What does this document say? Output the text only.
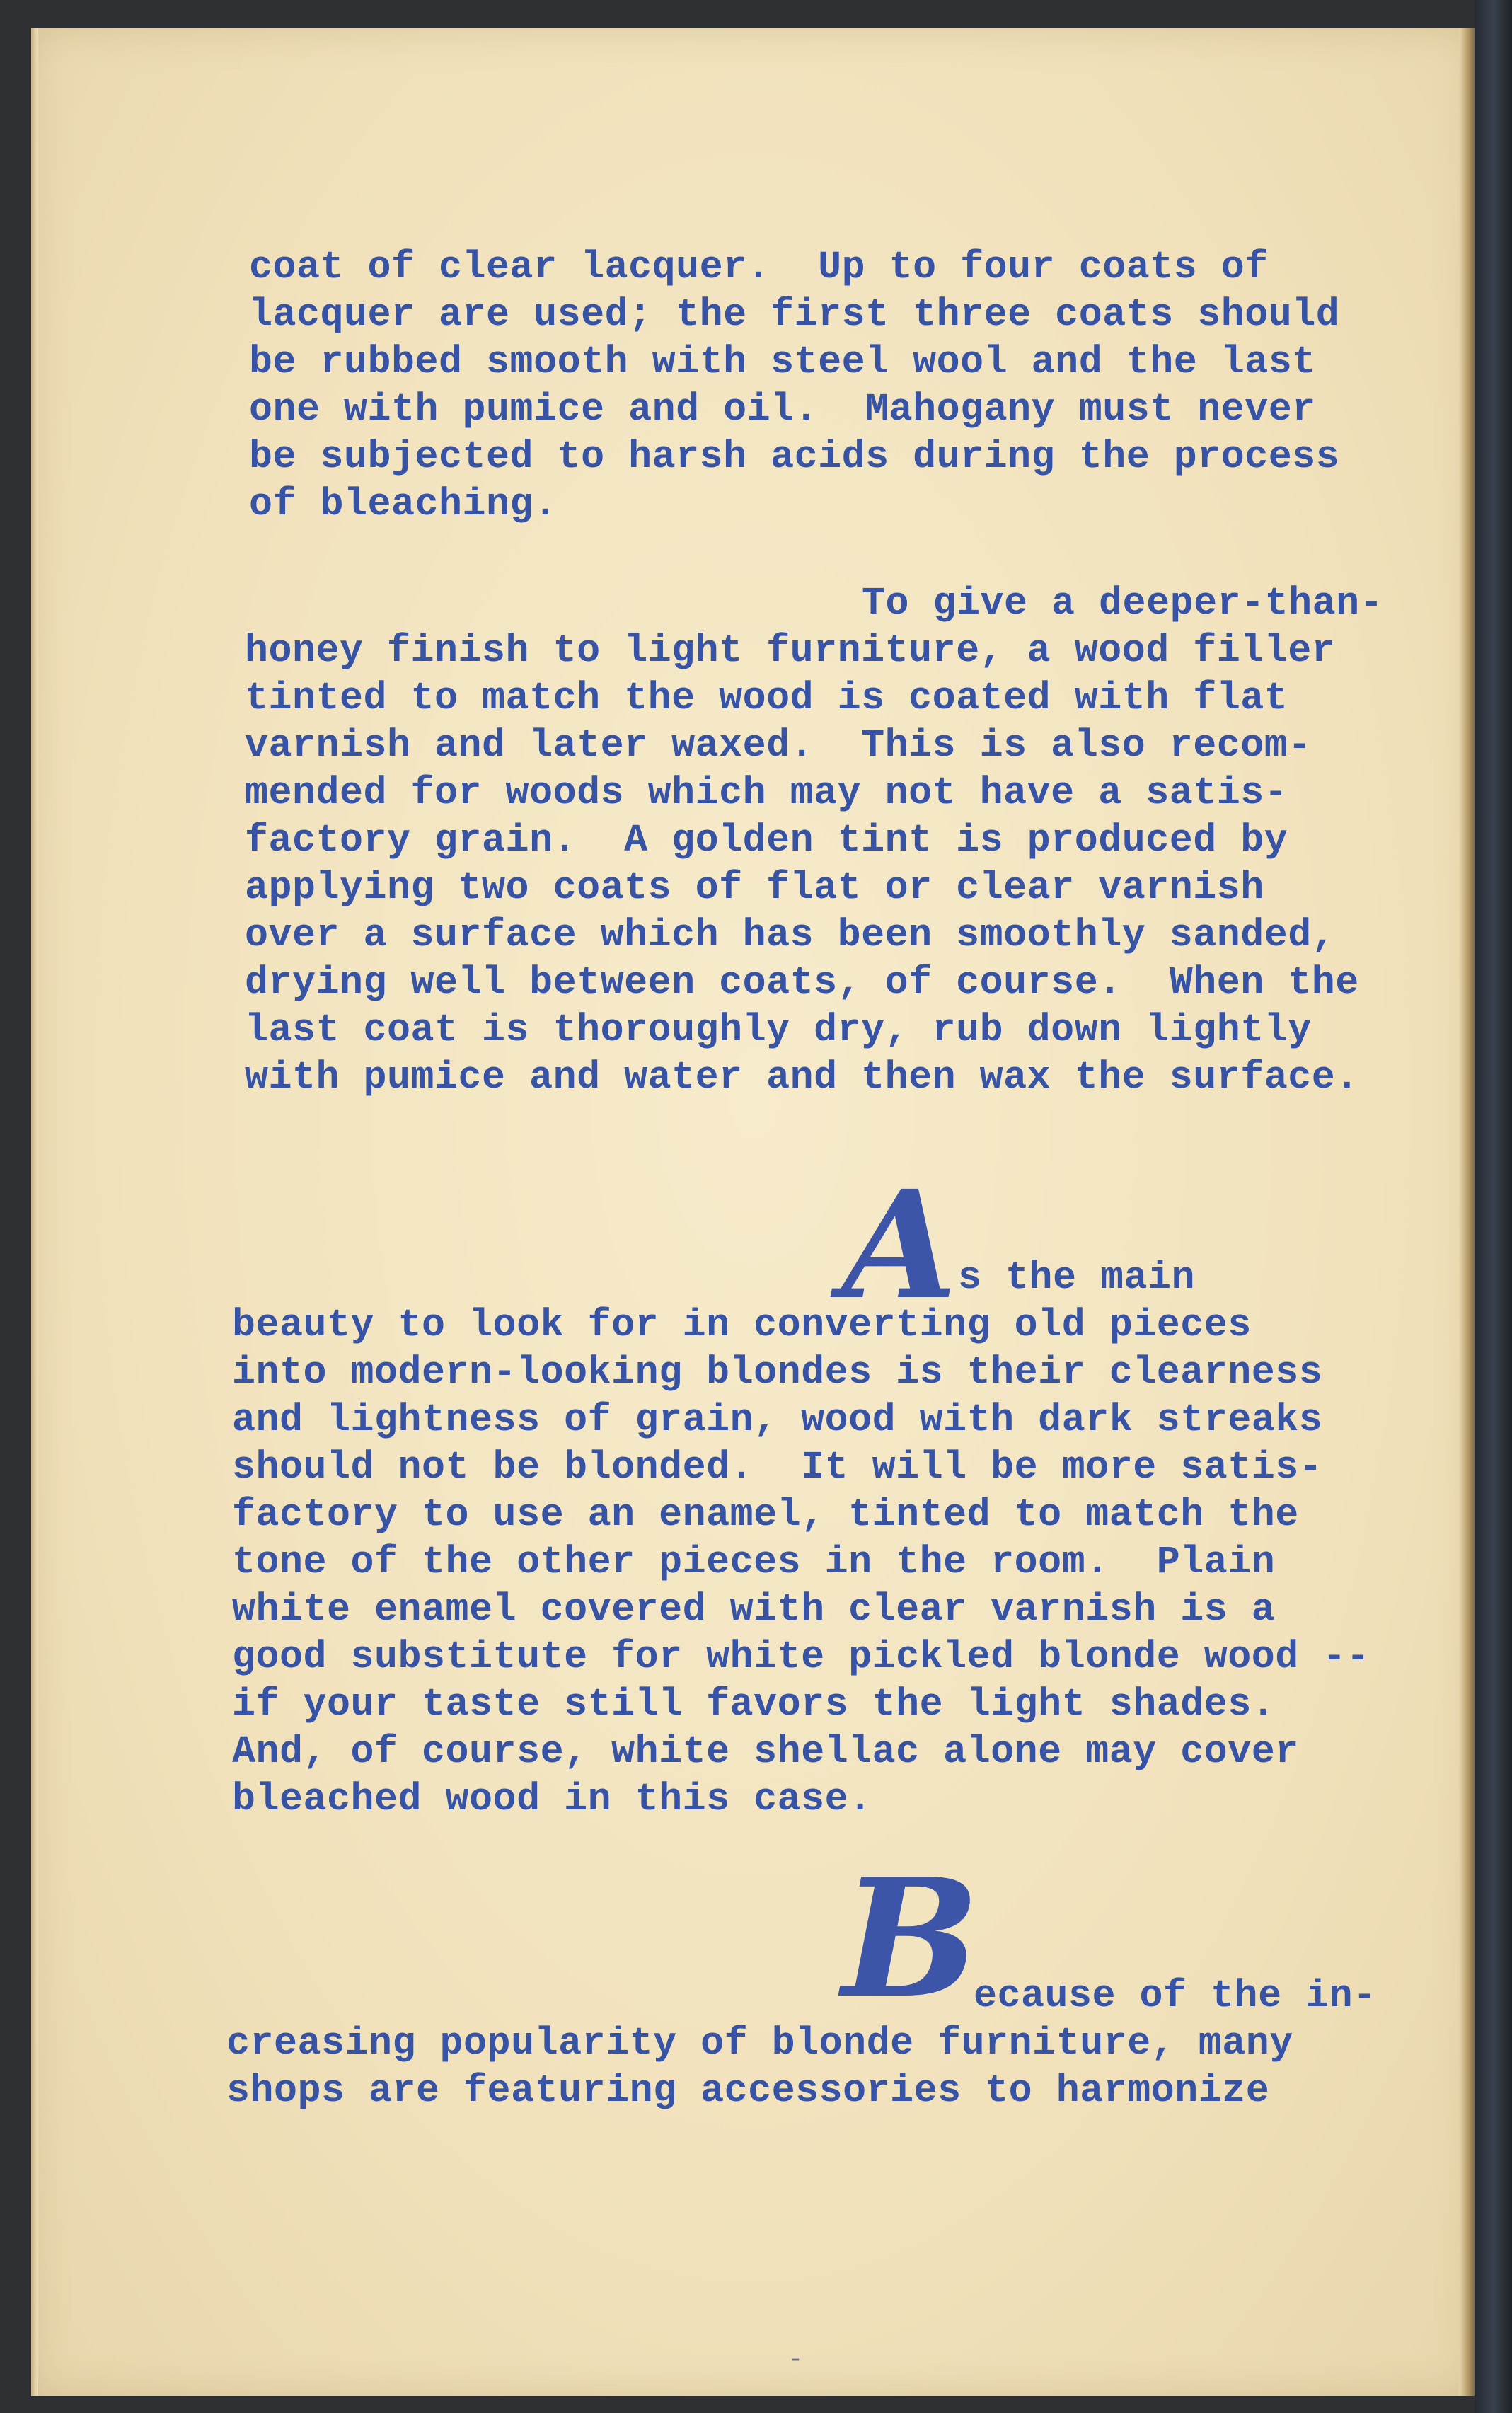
coat of clear lacquer.  Up to four coats of

lacquer are used; the first three coats should

be rubbed smooth with steel wool and the last

one with pumice and oil.  Mahogany must never

be subjected to harsh acids during the process

of bleaching.

To give a deeper-than-

honey finish to light furniture, a wood filler

tinted to match the wood is coated with flat

varnish and later waxed.  This is also recom-

mended for woods which may not have a satis-

factory grain.  A golden tint is produced by

applying two coats of flat or clear varnish

over a surface which has been smoothly sanded,

drying well between coats, of course.  When the

last coat is thoroughly dry, rub down lightly

with pumice and water and then wax the surface.

A s the main

beauty to look for in converting old pieces

into modern-looking blondes is their clearness

and lightness of grain, wood with dark streaks

should not be blonded.  It will be more satis-

factory to use an enamel, tinted to match the

tone of the other pieces in the room.  Plain

white enamel covered with clear varnish is a

good substitute for white pickled blonde wood --

if your taste still favors the light shades.

And, of course, white shellac alone may cover

bleached wood in this case.

B

ecause of the in-

creasing popularity of blonde furniture, many

shops are featuring accessories to harmonize

-
